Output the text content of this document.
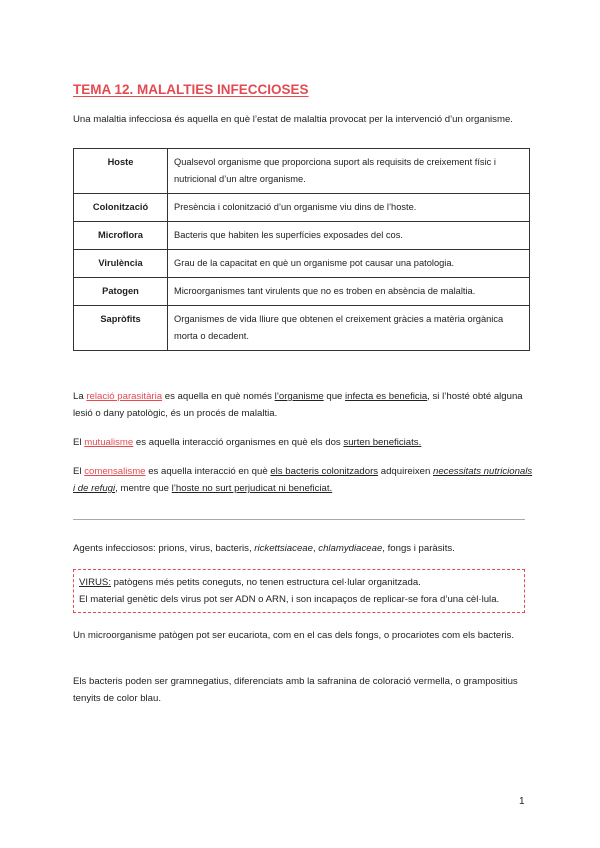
TEMA 12. MALALTIES INFECCIOSES

Una malaltia infecciosa és aquella en què l’estat de malaltia provocat per la intervenció d’un organisme.

Hoste	Qualsevol organisme que proporciona suport als requisits de creixement físic i nutricional d’un altre organisme.
Colonització	Presència i colonització d’un organisme viu dins de l’hoste.
Microflora	Bacteris que habiten les superfícies exposades del cos.
Virulència	Grau de la capacitat en què un organisme pot causar una patologia.
Patogen	Microorganismes tant virulents que no es troben en absència de malaltia.
Sapròfits	Organismes de vida lliure que obtenen el creixement gràcies a matèria orgànica morta o decadent.

La relació parasitària es aquella en què només l’organisme que infecta es beneficia, si l’hosté obté alguna lesió o dany patològic, és un procés de malaltia.

El mutualisme es aquella interacció organismes en què els dos surten beneficiats.

El comensalisme es aquella interacció en què els bacteris colonitzadors adquireixen necessitats nutricionals i de refugi, mentre que l’hoste no surt perjudicat ni beneficiat.

Agents infecciosos: prions, virus, bacteris, rickettsiaceae, chlamydiaceae, fongs i paràsits.

VIRUS: patògens més petits coneguts, no tenen estructura cel·lular organitzada.
El material genètic dels virus pot ser ADN o ARN, i son incapaços de replicar-se fora d’una cèl·lula.

Un microorganisme patògen pot ser eucariota, com en el cas dels fongs, o procariotes com els bacteris.

Els bacteris poden ser gramnegatius, diferenciats amb la safranina de coloració vermella, o grampositius tenyits de color blau.

1
